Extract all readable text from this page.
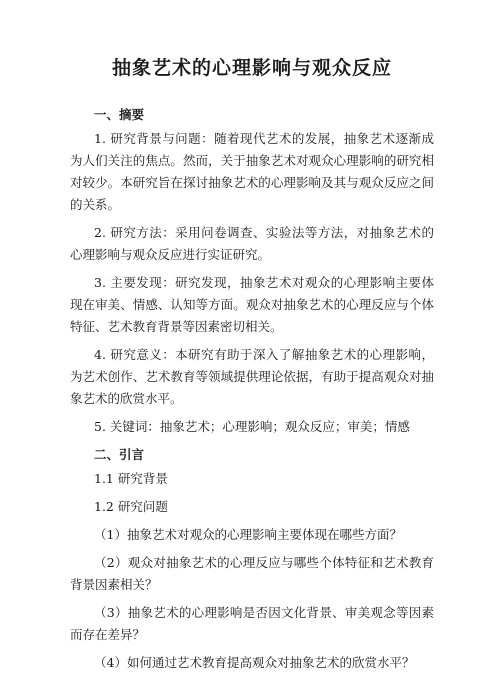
抽象艺术的心理影响与观众反应
一、摘要

1. 研究背景与问题：随着现代艺术的发展，抽象艺术逐渐成为人们关注的焦点。然而，关于抽象艺术对观众心理影响的研究相对较少。本研究旨在探讨抽象艺术的心理影响及其与观众反应之间的关系。

2. 研究方法：采用问卷调查、实验法等方法，对抽象艺术的心理影响与观众反应进行实证研究。

3. 主要发现：研究发现，抽象艺术对观众的心理影响主要体现在审美、情感、认知等方面。观众对抽象艺术的心理反应与个体特征、艺术教育背景等因素密切相关。

4. 研究意义：本研究有助于深入了解抽象艺术的心理影响，为艺术创作、艺术教育等领域提供理论依据，有助于提高观众对抽象艺术的欣赏水平。

5. 关键词：抽象艺术；心理影响；观众反应；审美；情感

二、引言
1.1 研究背景
1.2 研究问题

（1）抽象艺术对观众的心理影响主要体现在哪些方面？

（2）观众对抽象艺术的心理反应与哪些个体特征和艺术教育背景因素相关？

（3）抽象艺术的心理影响是否因文化背景、审美观念等因素而存在差异？

（4）如何通过艺术教育提高观众对抽象艺术的欣赏水平？
